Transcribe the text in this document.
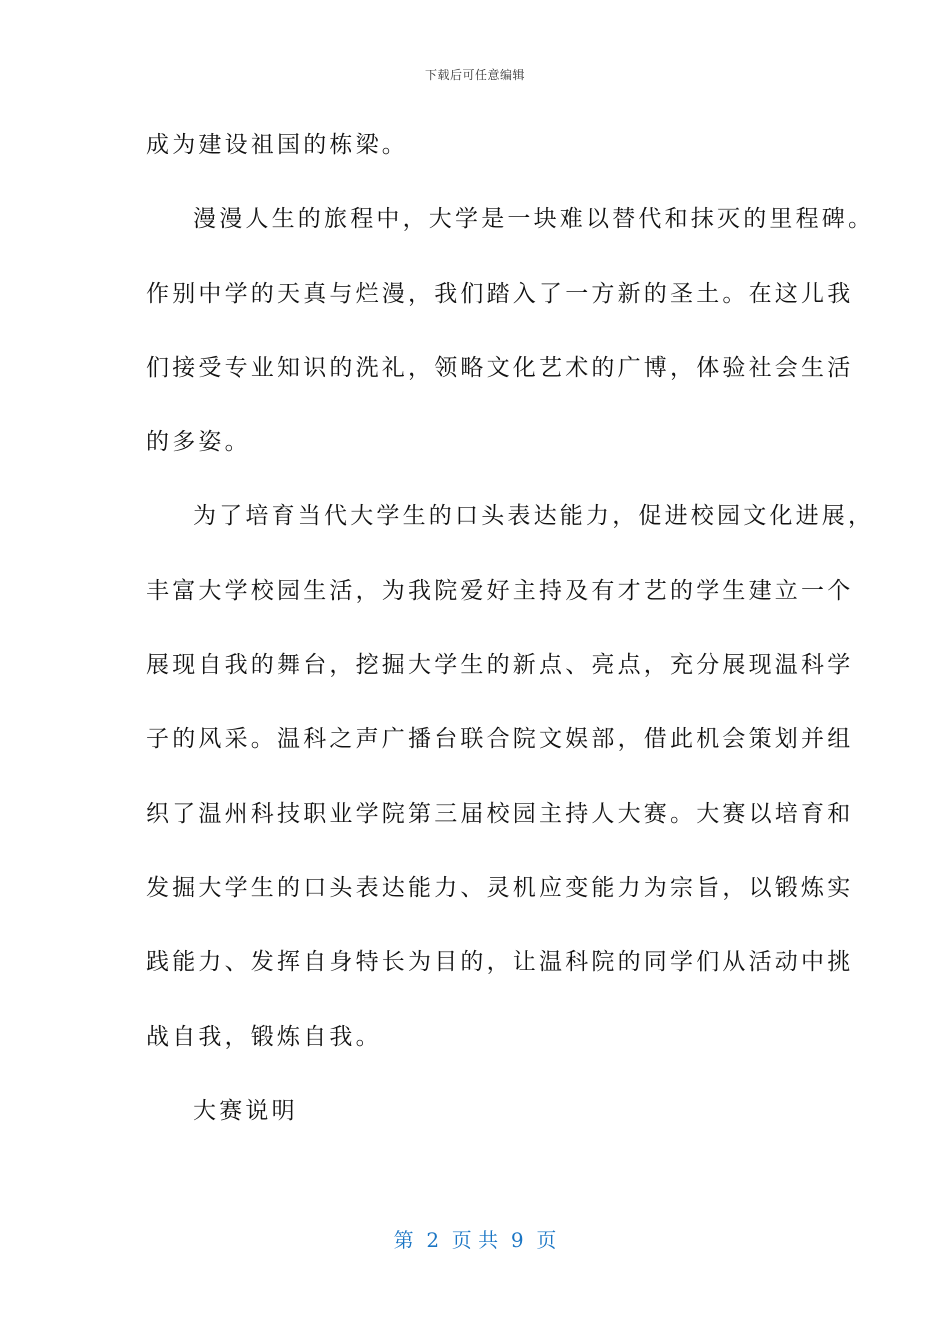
下载后可任意编辑
成为建设祖国的栋梁。
漫漫人生的旅程中，大学是一块难以替代和抹灭的里程碑。
作别中学的天真与烂漫，我们踏入了一方新的圣土。在这儿我
们接受专业知识的洗礼，领略文化艺术的广博，体验社会生活
的多姿。
为了培育当代大学生的口头表达能力，促进校园文化进展，
丰富大学校园生活，为我院爱好主持及有才艺的学生建立一个
展现自我的舞台，挖掘大学生的新点、亮点，充分展现温科学
子的风采。温科之声广播台联合院文娱部，借此机会策划并组
织了温州科技职业学院第三届校园主持人大赛。大赛以培育和
发掘大学生的口头表达能力、灵机应变能力为宗旨，以锻炼实
践能力、发挥自身特长为目的，让温科院的同学们从活动中挑
战自我，锻炼自我。
大赛说明
第  2  页 共  9  页
